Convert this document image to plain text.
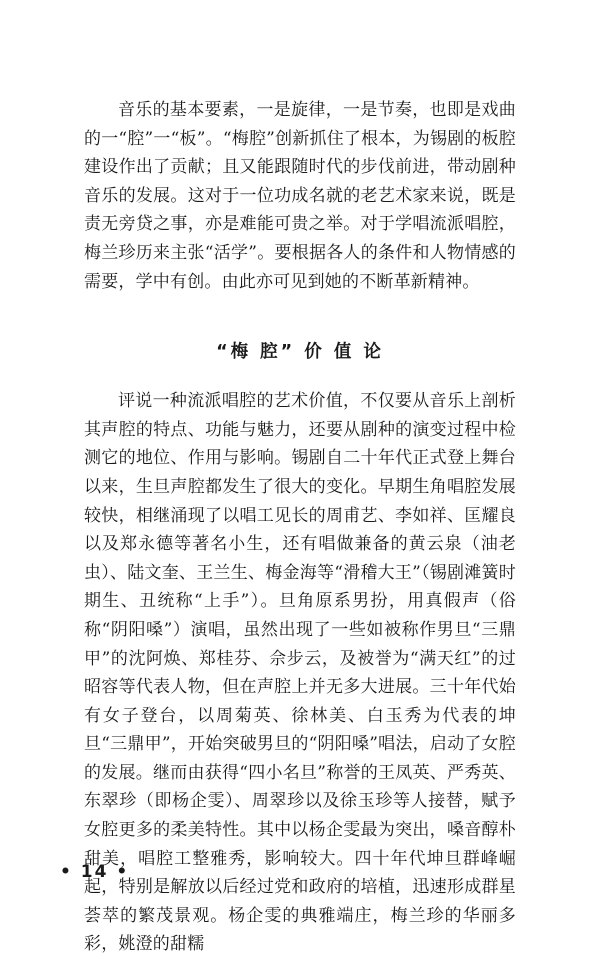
音乐的基本要素，一是旋律，一是节奏，也即是戏曲的一“腔”一“板”。“梅腔”创新抓住了根本，为锡剧的板腔建设作出了贡献；且又能跟随时代的步伐前进，带动剧种音乐的发展。这对于一位功成名就的老艺术家来说，既是责无旁贷之事，亦是难能可贵之举。对于学唱流派唱腔，梅兰珍历来主张“活学”。要根据各人的条件和人物情感的需要，学中有创。由此亦可见到她的不断革新精神。

“梅 腔” 价 值 论

评说一种流派唱腔的艺术价值，不仅要从音乐上剖析其声腔的特点、功能与魅力，还要从剧种的演变过程中检测它的地位、作用与影响。锡剧自二十年代正式登上舞台以来，生旦声腔都发生了很大的变化。早期生角唱腔发展较快，相继涌现了以唱工见长的周甫艺、李如祥、匡耀良以及郑永德等著名小生，还有唱做兼备的黄云泉（油老虫）、陆文奎、王兰生、梅金海等“滑稽大王”（锡剧滩簧时期生、丑统称“上手”）。旦角原系男扮，用真假声（俗称“阴阳嗓”）演唱，虽然出现了一些如被称作男旦“三鼎甲”的沈阿焕、郑桂芬、佘步云，及被誉为“满天红”的过昭容等代表人物，但在声腔上并无多大进展。三十年代始有女子登台，以周菊英、徐林美、白玉秀为代表的坤旦“三鼎甲”，开始突破男旦的“阴阳嗓”唱法，启动了女腔的发展。继而由获得“四小名旦”称誉的王凤英、严秀英、东翠珍（即杨企雯）、周翠珍以及徐玉珍等人接替，赋予女腔更多的柔美特性。其中以杨企雯最为突出，嗓音醇朴甜美，唱腔工整雅秀，影响较大。四十年代坤旦群峰崛起，特别是解放以后经过党和政府的培植，迅速形成群星荟萃的繁茂景观。杨企雯的典雅端庄，梅兰珍的华丽多彩，姚澄的甜糯

• 14 •
